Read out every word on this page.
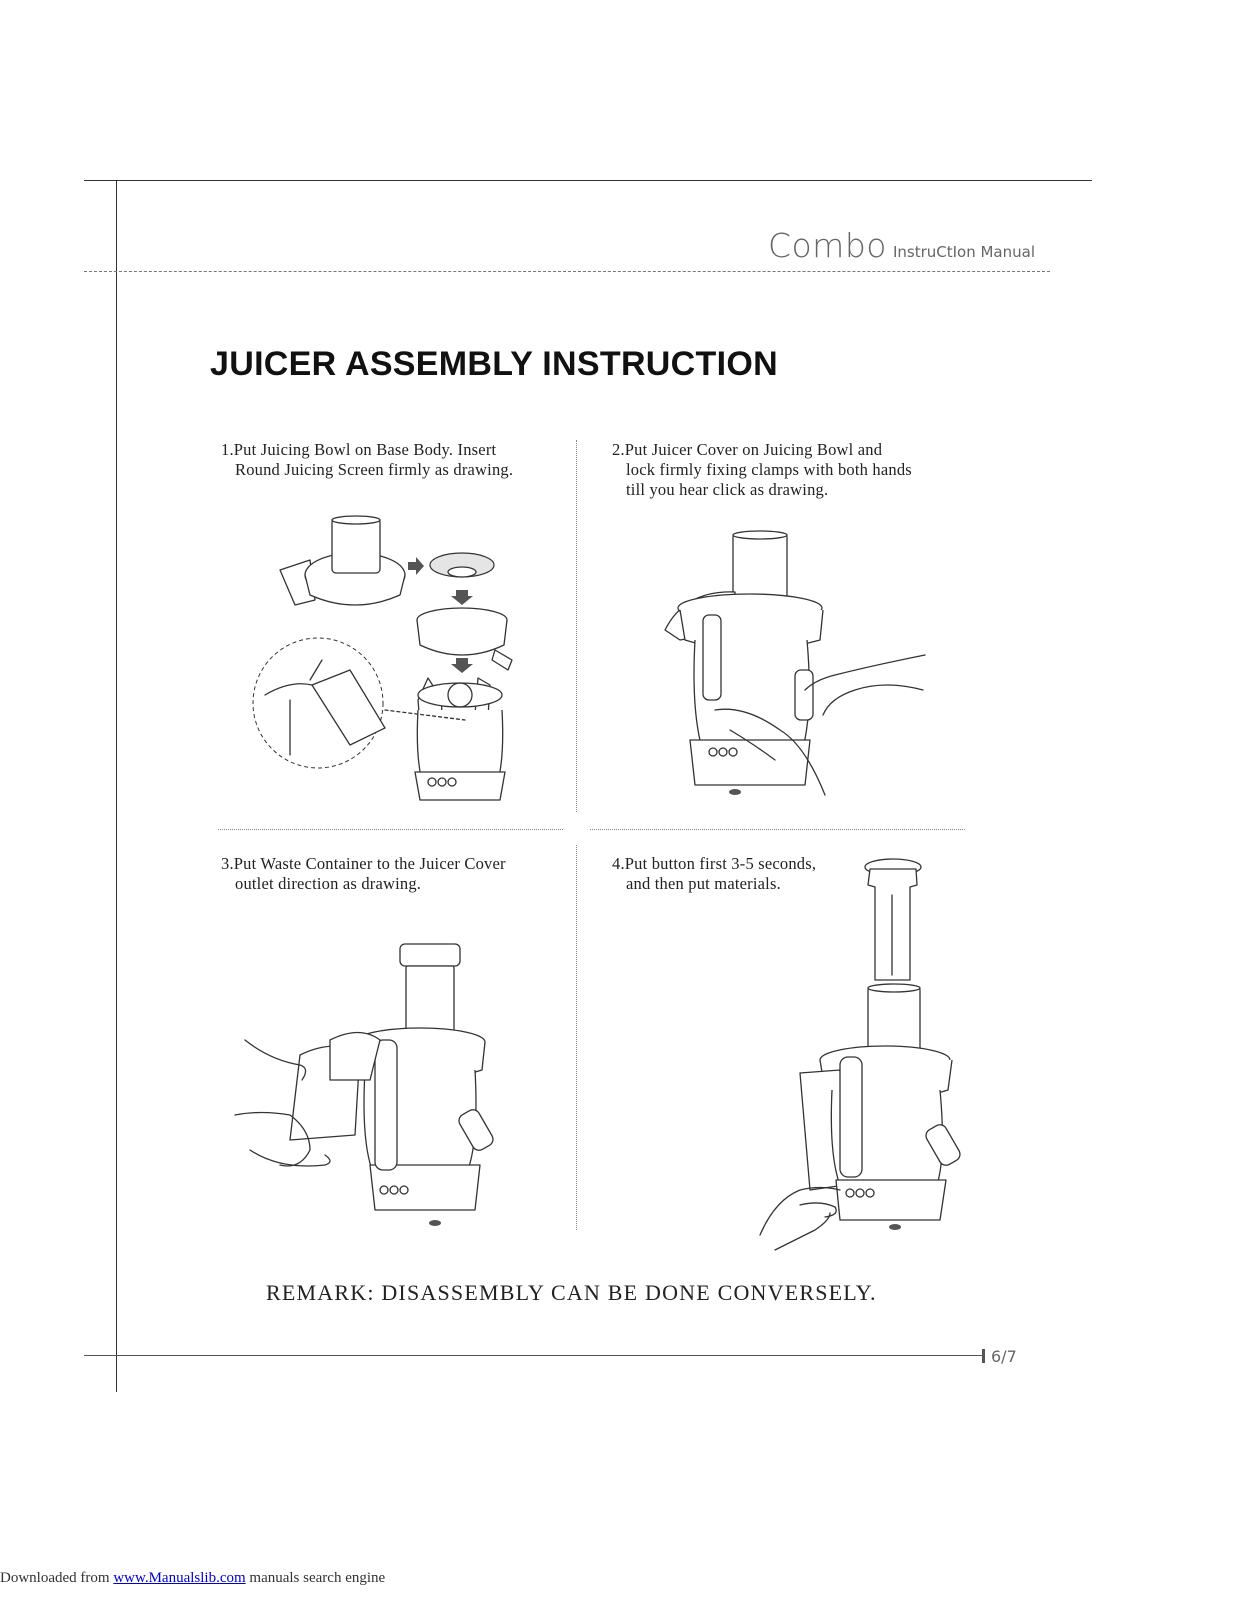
Combo InstruCtIon Manual
JUICER ASSEMBLY INSTRUCTION
1.Put Juicing Bowl on Base Body. Insert
Round Juicing Screen firmly as drawing.
2.Put Juicer Cover on Juicing Bowl and
lock firmly fixing clamps with both hands
till you hear click as drawing.
3.Put Waste Container to the Juicer Cover
outlet direction as drawing.
4.Put button first 3-5 seconds,
and then put materials.
REMARK: DISASSEMBLY CAN BE DONE CONVERSELY.
6/7
Downloaded from www.Manualslib.com manuals search engine
